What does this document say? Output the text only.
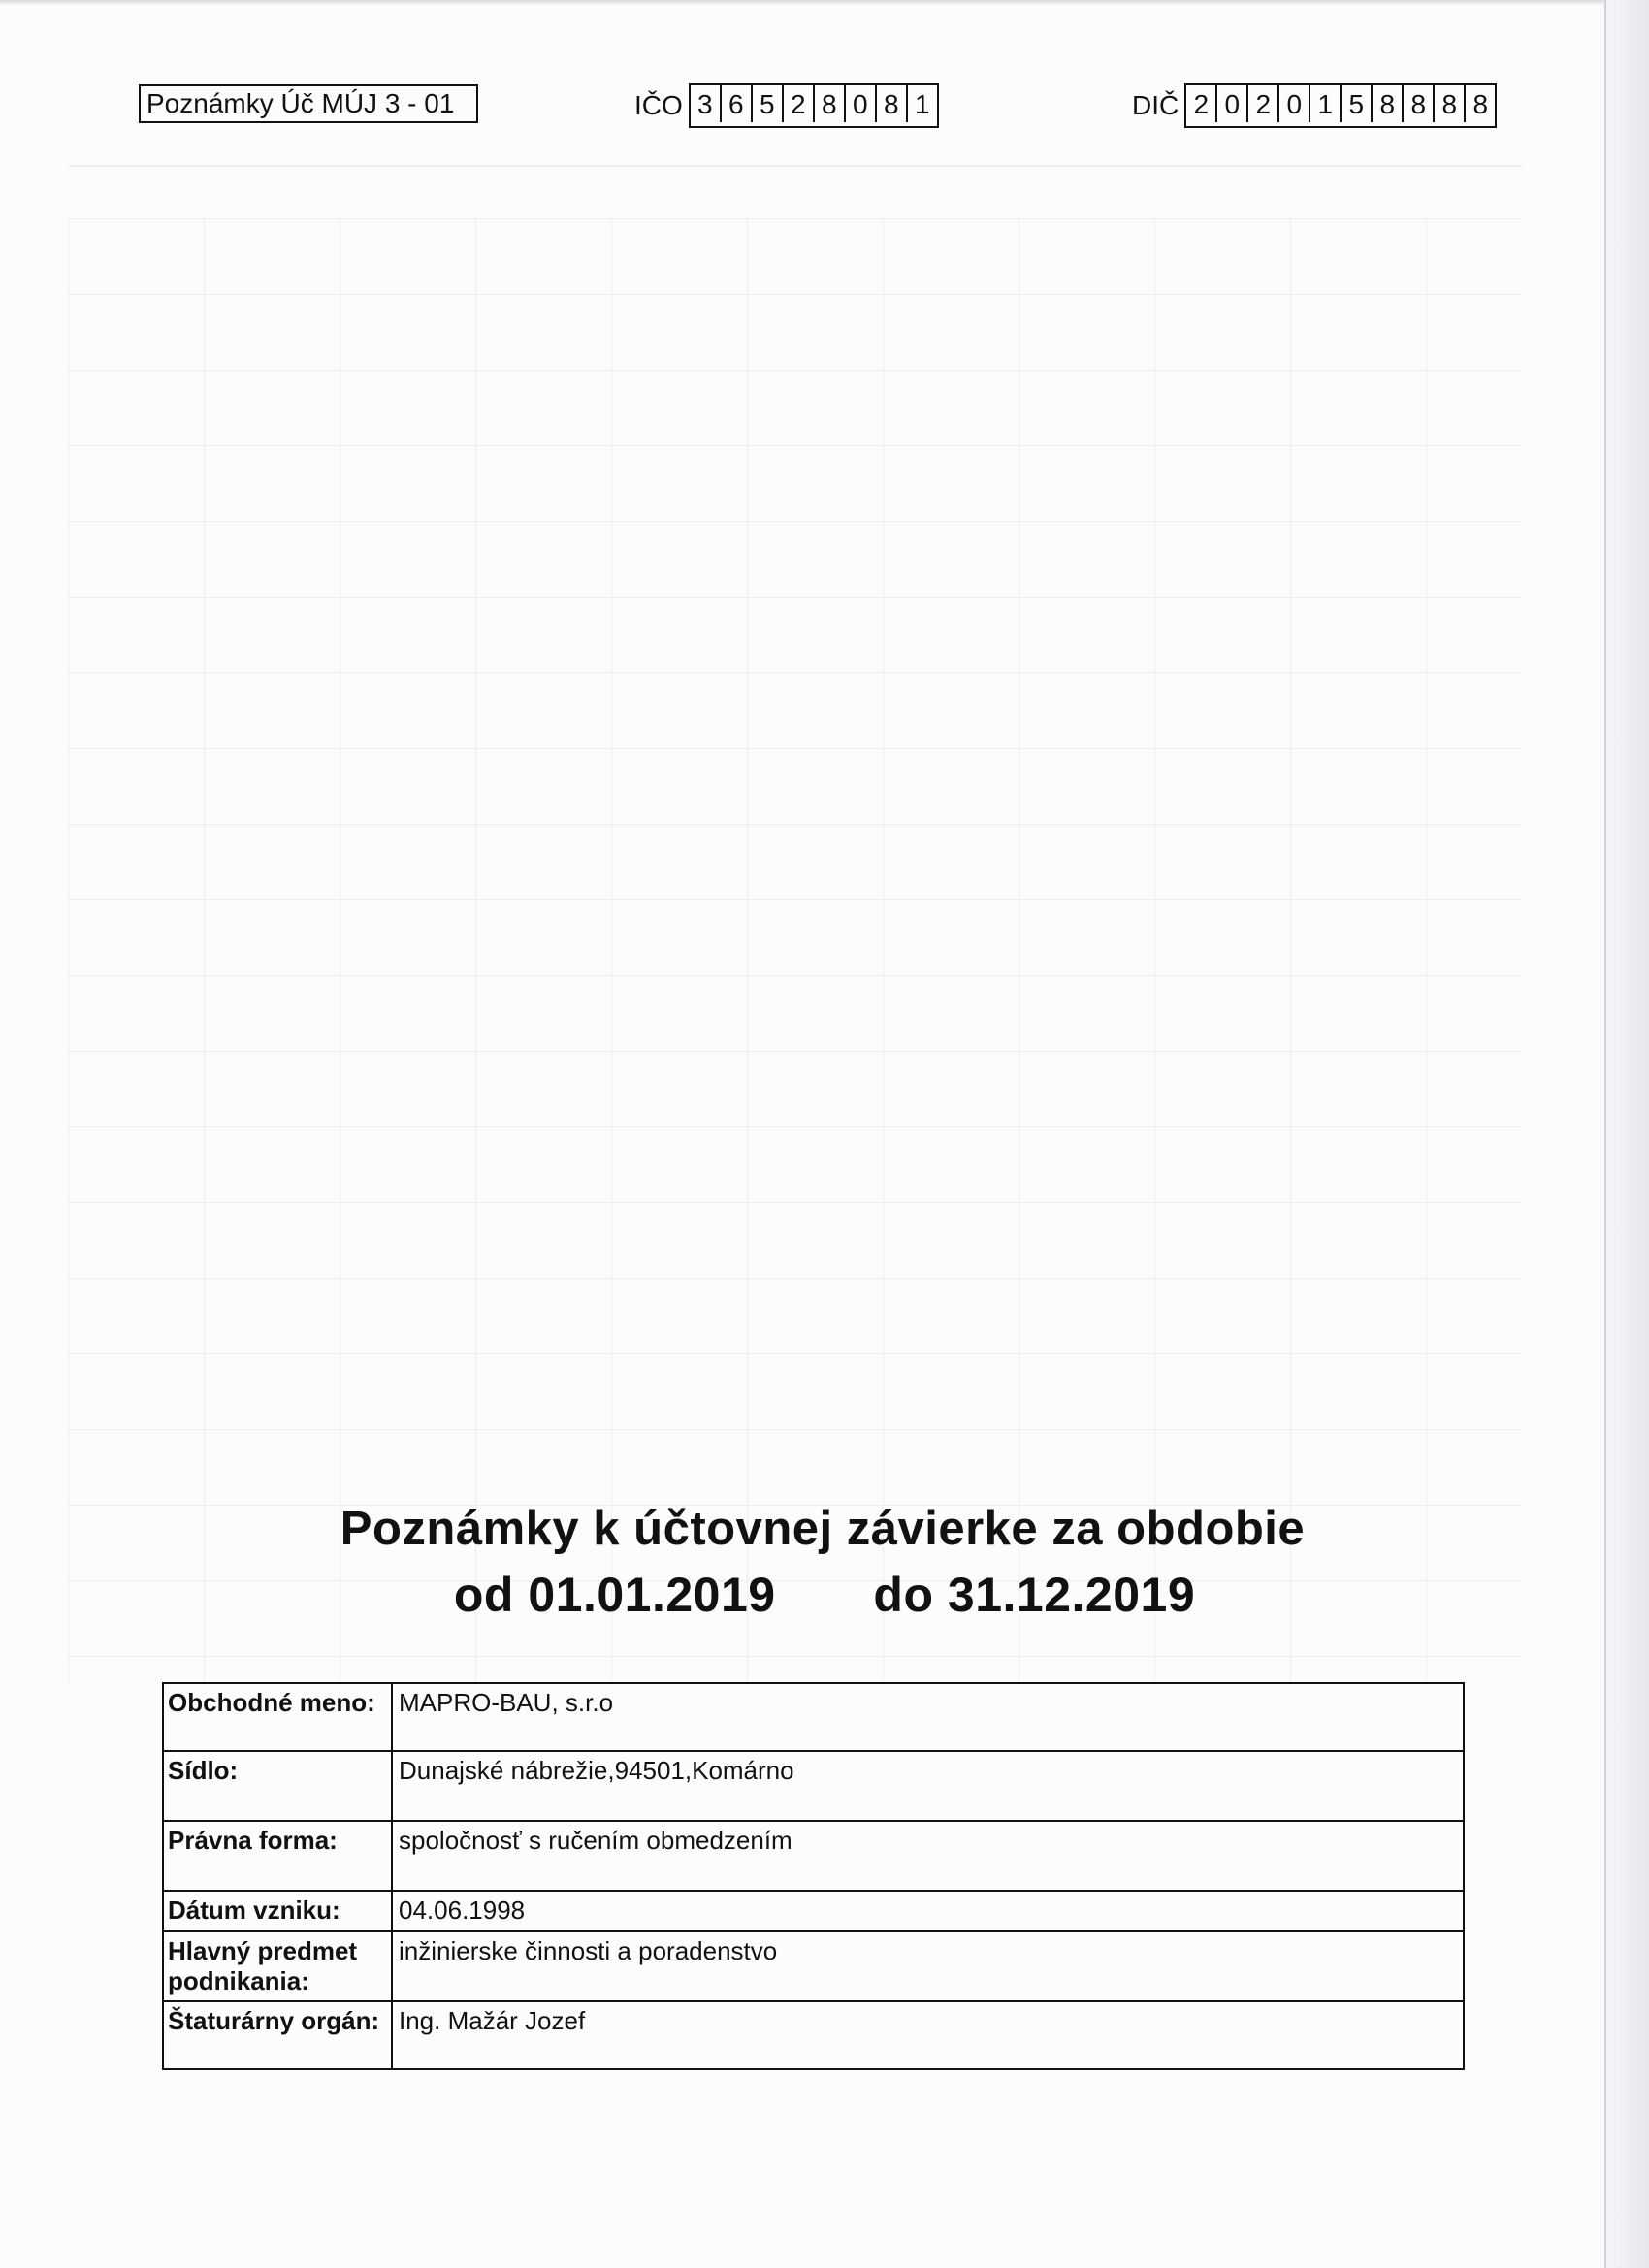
Poznámky Úč MÚJ 3 - 01	IČO 3 6 5 2 8 0 8 1	DIČ 2 0 2 0 1 5 8 8 8 8
Poznámky k účtovnej závierke za obdobie
od 01.01.2019 do 31.12.2019
Obchodné meno:	MAPRO-BAU, s.r.o
Sídlo:	Dunajské nábrežie,94501,Komárno
Právna forma:	spoločnosť s ručením obmedzením
Dátum vzniku:	04.06.1998
Hlavný predmet podnikania:	inžinierske činnosti a poradenstvo
Štaturárny orgán:	Ing. Mažár Jozef
